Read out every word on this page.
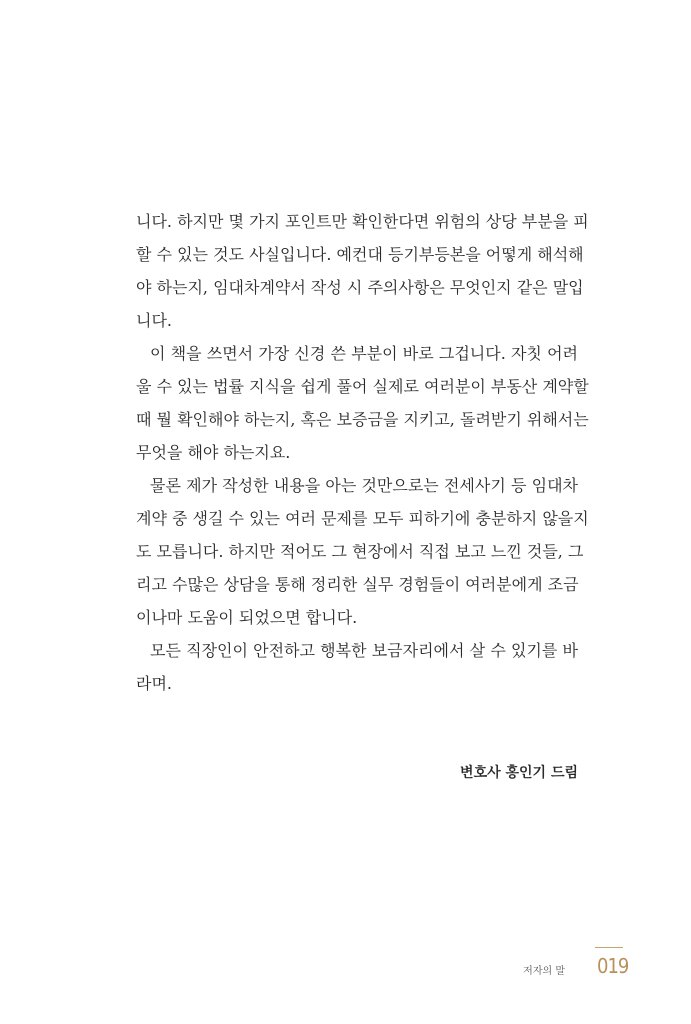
니다. 하지만 몇 가지 포인트만 확인한다면 위험의 상당 부분을 피
할 수 있는 것도 사실입니다. 예컨대 등기부등본을 어떻게 해석해
야 하는지, 임대차계약서 작성 시 주의사항은 무엇인지 같은 말입
니다.

이 책을 쓰면서 가장 신경 쓴 부분이 바로 그겁니다. 자칫 어려
울 수 있는 법률 지식을 쉽게 풀어 실제로 여러분이 부동산 계약할
때 뭘 확인해야 하는지, 혹은 보증금을 지키고, 돌려받기 위해서는
무엇을 해야 하는지요.

물론 제가 작성한 내용을 아는 것만으로는 전세사기 등 임대차
계약 중 생길 수 있는 여러 문제를 모두 피하기에 충분하지 않을지
도 모릅니다. 하지만 적어도 그 현장에서 직접 보고 느낀 것들, 그
리고 수많은 상담을 통해 정리한 실무 경험들이 여러분에게 조금
이나마 도움이 되었으면 합니다.

모든 직장인이 안전하고 행복한 보금자리에서 살 수 있기를 바
라며.

변호사 홍인기 드림
저자의 말 019
